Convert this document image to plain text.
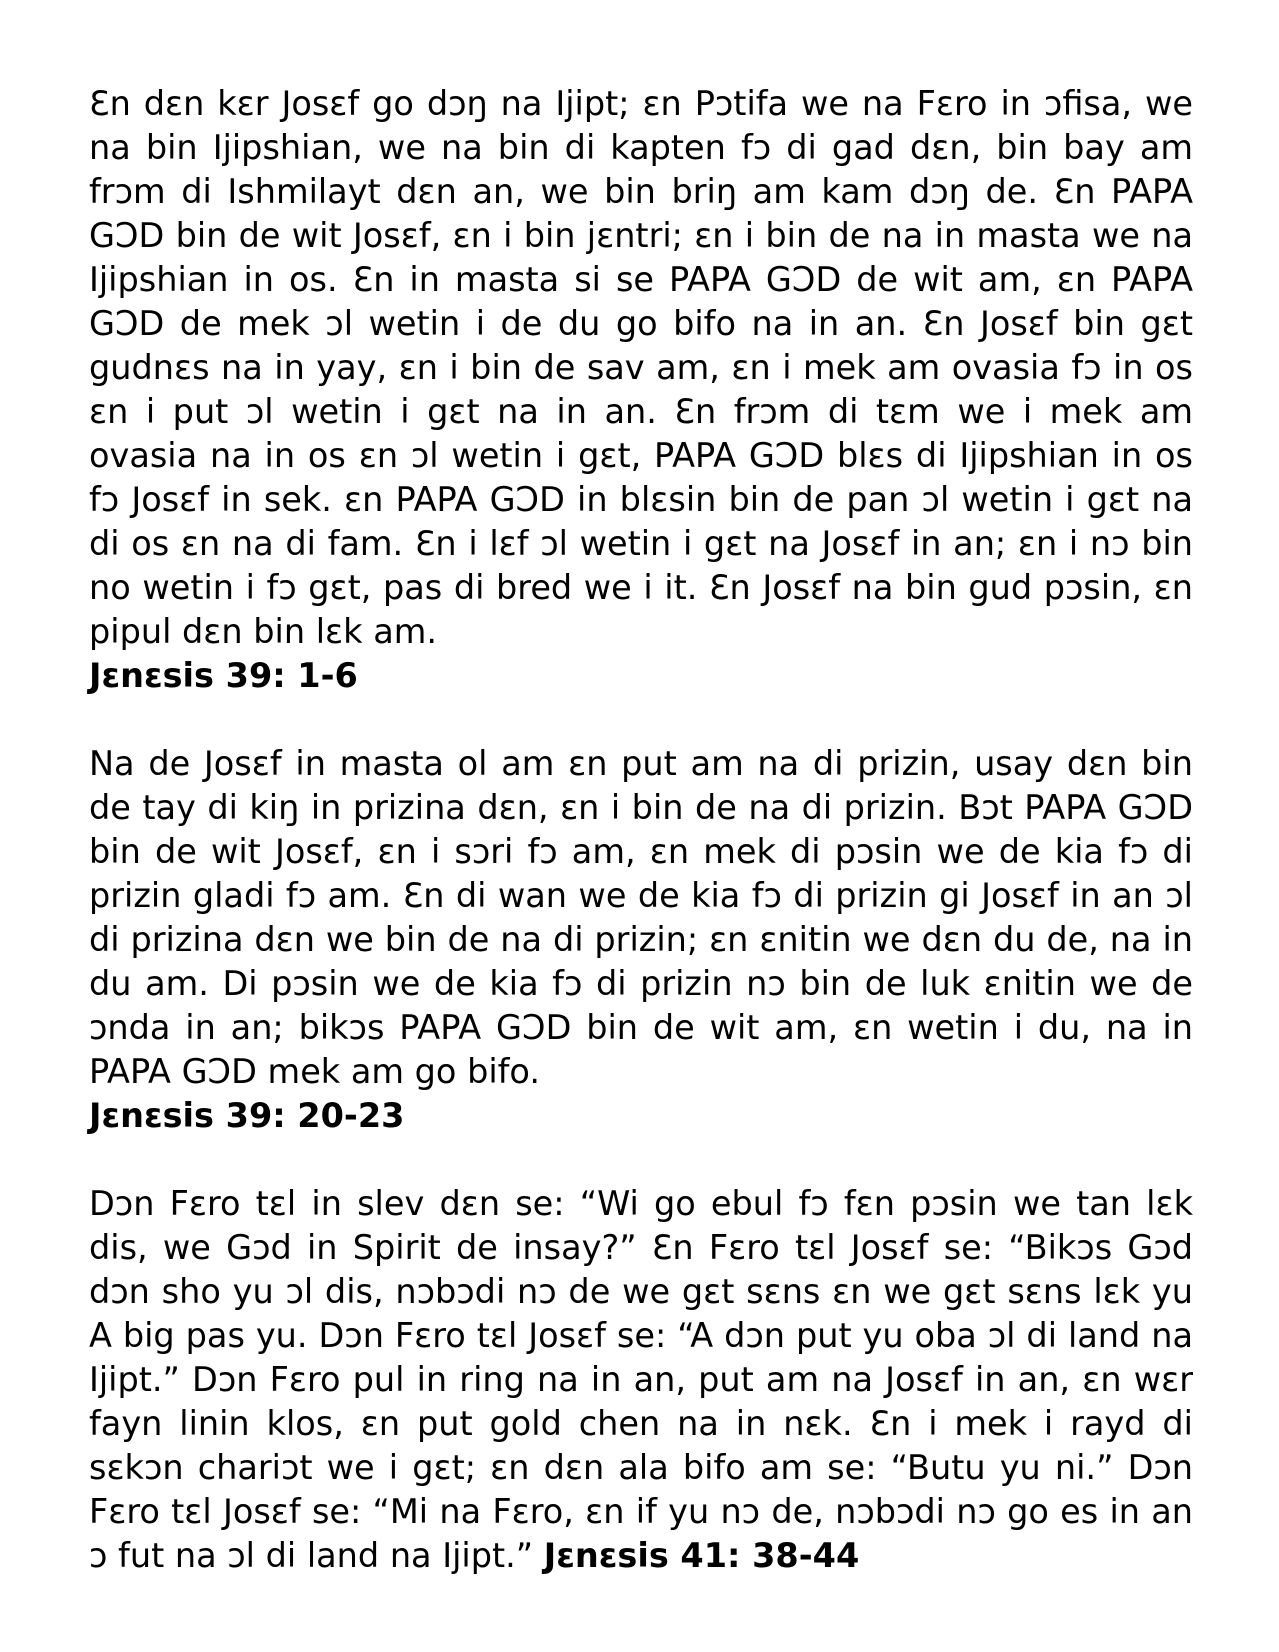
Ɛn dɛn kɛr Josɛf go dɔŋ na Ijipt; ɛn Pɔtifa we na Fɛro in ɔfisa, we na bin Ijipshian, we na bin di kapten fɔ di gad dɛn, bin bay am frɔm di Ishmilayt dɛn an, we bin briŋ am kam dɔŋ de. Ɛn PAPA GƆD bin de wit Josɛf, ɛn i bin jɛntri; ɛn i bin de na in masta we na Ijipshian in os. Ɛn in masta si se PAPA GƆD de wit am, ɛn PAPA GƆD de mek ɔl wetin i de du go bifo na in an. Ɛn Josɛf bin gɛt gudnɛs na in yay, ɛn i bin de sav am, ɛn i mek am ovasia fɔ in os ɛn i put ɔl wetin i gɛt na in an. Ɛn frɔm di tɛm we i mek am ovasia na in os ɛn ɔl wetin i gɛt, PAPA GƆD blɛs di Ijipshian in os fɔ Josɛf in sek. ɛn PAPA GƆD in blɛsin bin de pan ɔl wetin i gɛt na di os ɛn na di fam. Ɛn i lɛf ɔl wetin i gɛt na Josɛf in an; ɛn i nɔ bin no wetin i fɔ gɛt, pas di bred we i it. Ɛn Josɛf na bin gud pɔsin, ɛn pipul dɛn bin lɛk am.

Jɛnɛsis 39: 1-6

Na de Josɛf in masta ol am ɛn put am na di prizin, usay dɛn bin de tay di kiŋ in prizina dɛn, ɛn i bin de na di prizin. Bɔt PAPA GƆD bin de wit Josɛf, ɛn i sɔri fɔ am, ɛn mek di pɔsin we de kia fɔ di prizin gladi fɔ am. Ɛn di wan we de kia fɔ di prizin gi Josɛf in an ɔl di prizina dɛn we bin de na di prizin; ɛn ɛnitin we dɛn du de, na in du am. Di pɔsin we de kia fɔ di prizin nɔ bin de luk ɛnitin we de ɔnda in an; bikɔs PAPA GƆD bin de wit am, ɛn wetin i du, na in PAPA GƆD mek am go bifo.

Jɛnɛsis 39: 20-23

Dɔn Fɛro tɛl in slev dɛn se: “Wi go ebul fɔ fɛn pɔsin we tan lɛk dis, we Gɔd in Spirit de insay?” Ɛn Fɛro tɛl Josɛf se: “Bikɔs Gɔd dɔn sho yu ɔl dis, nɔbɔdi nɔ de we gɛt sɛns ɛn we gɛt sɛns lɛk yu A big pas yu. Dɔn Fɛro tɛl Josɛf se: “A dɔn put yu oba ɔl di land na Ijipt.” Dɔn Fɛro pul in ring na in an, put am na Josɛf in an, ɛn wɛr fayn linin klos, ɛn put gold chen na in nɛk. Ɛn i mek i rayd di sɛkɔn chariɔt we i gɛt; ɛn dɛn ala bifo am se: “Butu yu ni.” Dɔn Fɛro tɛl Josɛf se: “Mi na Fɛro, ɛn if yu nɔ de, nɔbɔdi nɔ go es in an ɔ fut na ɔl di land na Ijipt.” Jɛnɛsis 41: 38-44
